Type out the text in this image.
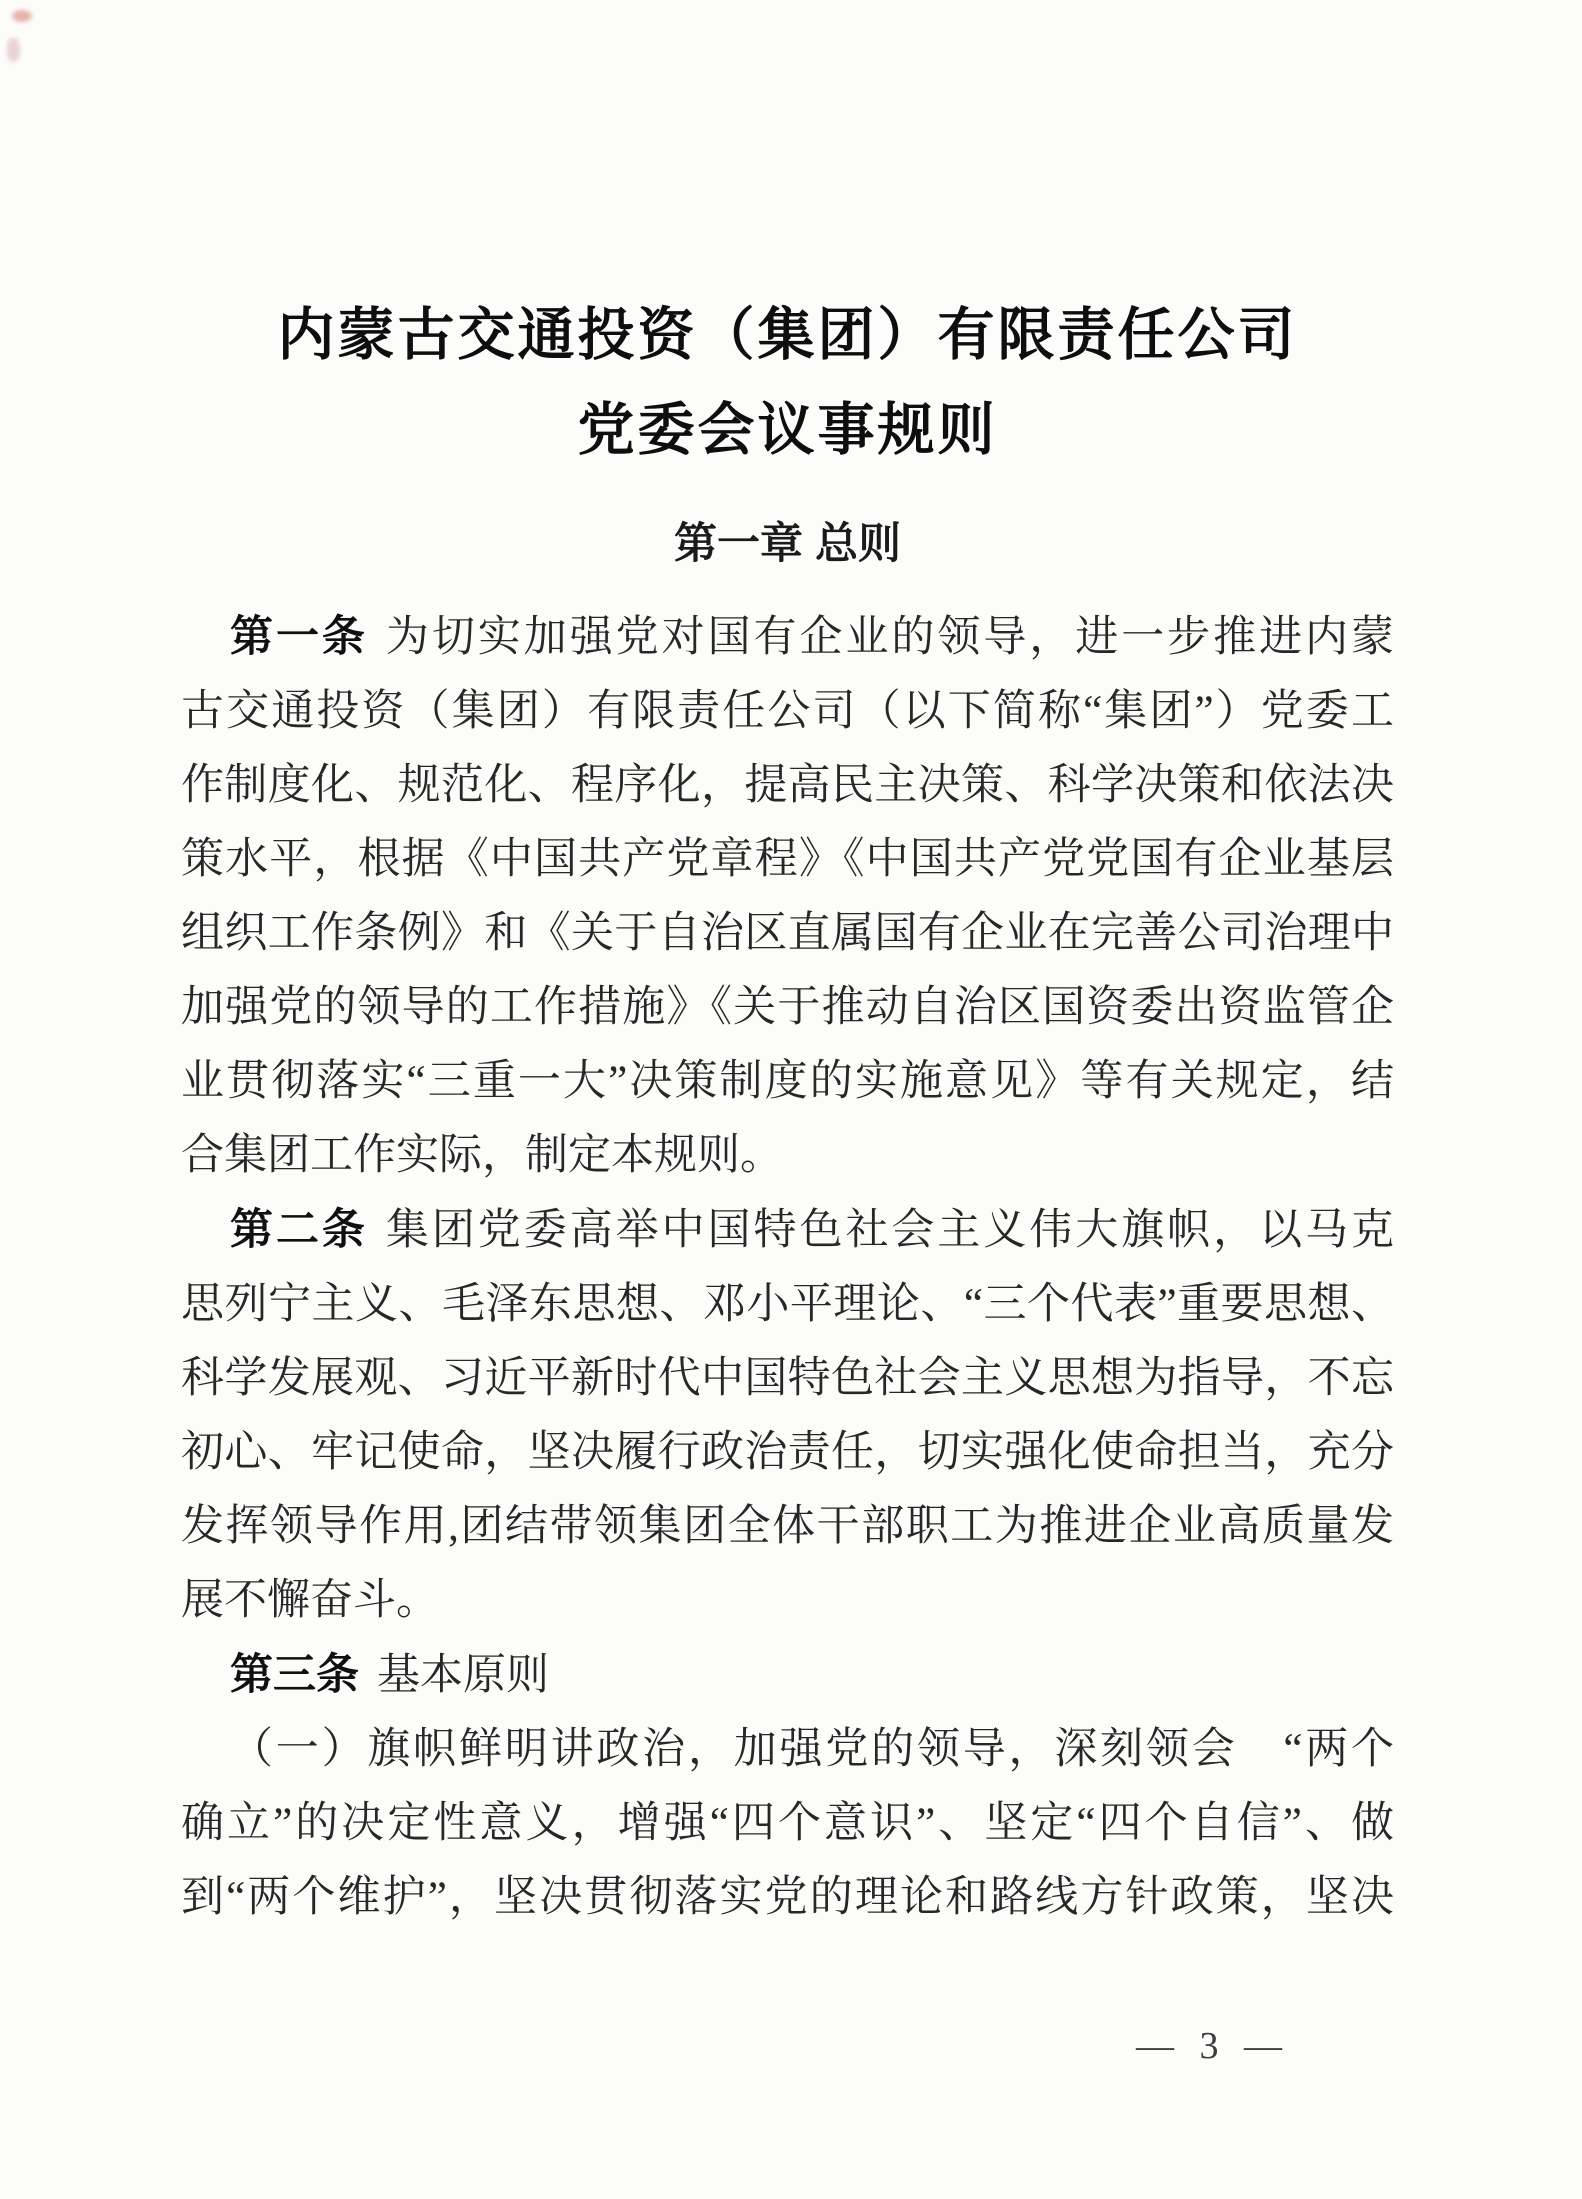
内蒙古交通投资（集团）有限责任公司
党委会议事规则
第一章 总则
第一条 为切实加强党对国有企业的领导，进一步推进内蒙
古交通投资（集团）有限责任公司（以下简称“集团”）党委工
作制度化、规范化、程序化，提高民主决策、科学决策和依法决
策水平，根据《中国共产党章程》《中国共产党党国有企业基层
组织工作条例》和《关于自治区直属国有企业在完善公司治理中
加强党的领导的工作措施》《关于推动自治区国资委出资监管企
业贯彻落实“三重一大”决策制度的实施意见》等有关规定，结
合集团工作实际，制定本规则。
第二条 集团党委高举中国特色社会主义伟大旗帜，以马克
思列宁主义、毛泽东思想、邓小平理论、“三个代表”重要思想、
科学发展观、习近平新时代中国特色社会主义思想为指导，不忘
初心、牢记使命，坚决履行政治责任，切实强化使命担当，充分
发挥领导作用,团结带领集团全体干部职工为推进企业高质量发
展不懈奋斗。
第三条 基本原则
（一）旗帜鲜明讲政治，加强党的领导，深刻领会　“两个
确立”的决定性意义，增强“四个意识”、坚定“四个自信”、做
到“两个维护”，坚决贯彻落实党的理论和路线方针政策，坚决
— 3 —
